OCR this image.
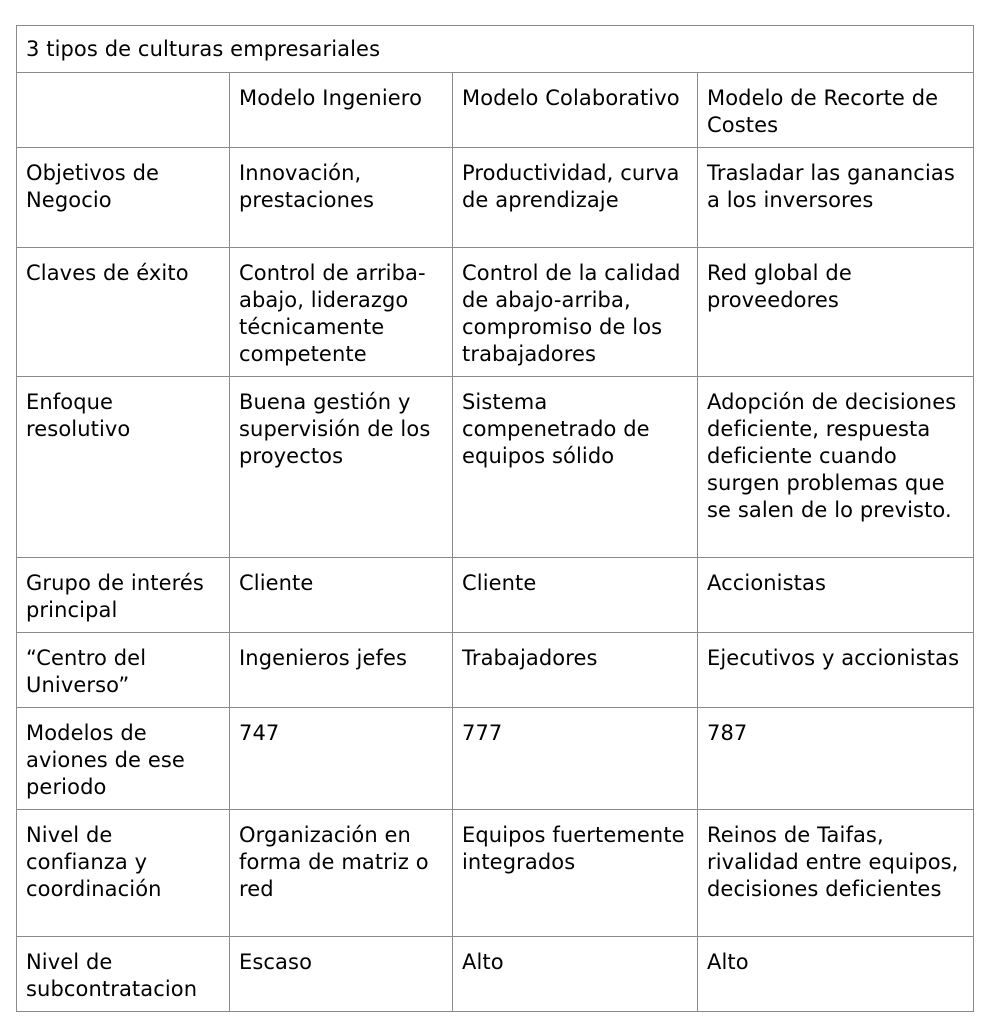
3 tipos de culturas empresariales			
	Modelo Ingeniero	Modelo Colaborativo	Modelo de Recorte de Costes
Objetivos de Negocio	Innovación, prestaciones	Productividad, curva de aprendizaje	Trasladar las ganancias a los inversores
Claves de éxito	Control de arriba-abajo, liderazgo técnicamente competente	Control de la calidad de abajo-arriba, compromiso de los trabajadores	Red global de proveedores
Enfoque resolutivo	Buena gestión y supervisión de los proyectos	Sistema compenetrado de equipos sólido	Adopción de decisiones deficiente, respuesta deficiente cuando surgen problemas que se salen de lo previsto.
Grupo de interés principal	Cliente	Cliente	Accionistas
“Centro del Universo”	Ingenieros jefes	Trabajadores	Ejecutivos y accionistas
Modelos de aviones de ese periodo	747	777	787
Nivel de confianza y coordinación	Organización en forma de matriz o red	Equipos fuertemente integrados	Reinos de Taifas, rivalidad entre equipos, decisiones deficientes
Nivel de subcontratacion	Escaso	Alto	Alto
